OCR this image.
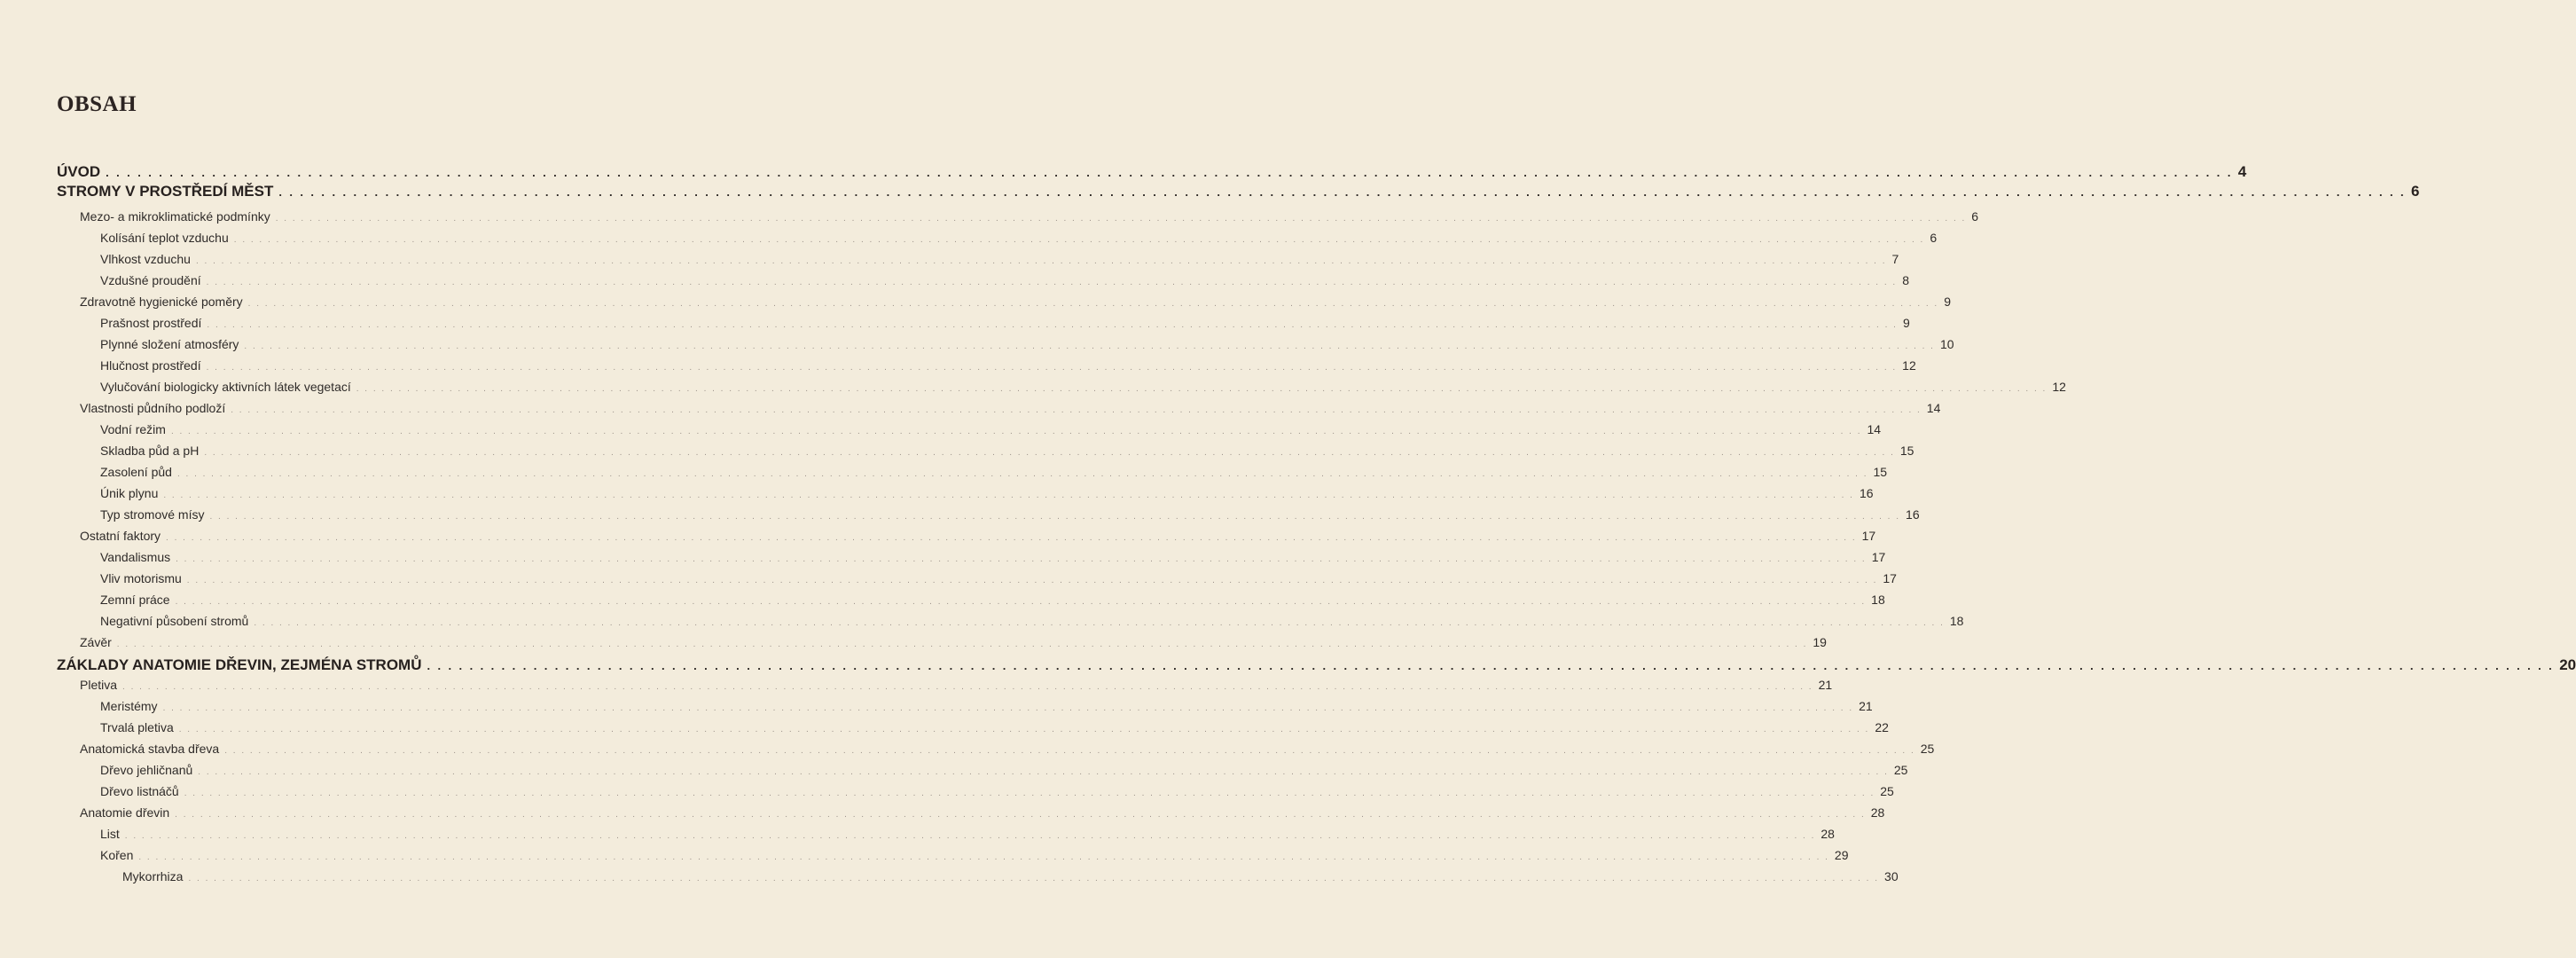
OBSAH
ÚVOD . . . . . . . . . . . . . . . . . . . . . . . . . . . . . . . . . . . . . . . . . . . . . . . . . . . . . . . . . . . . . . . . . . . . . . . . . . . . . . . . . . . . . . . . . . . . . . . . . . . . . . . . . . . . . . . . . . . . . . . . . . . . . . . . . . . . . . . . . . . . . . . . . . . . . . . . . . . . . . . . . . . . . . . . . . . . . . . . . . . . . . . . . . . . . . . . . . . . . . . . 4
STROMY V PROSTŘEDÍ MĚST . . . . . . . . . . . . . . . . . . . . . . . . . . . . . . . . . . . . . . . . . . . . . . . . . . . . . . . . . . . . . . . . . . . . . . . . . . . . . . . . . . . . . . . . . . . . . . . . . . . . . . . . . . . . . . . . . . . . . . . . . . . . . . . . . . . . . . . . . . . . . . . . . . . . . . . . . . . . . . . . . . . . . . . . . . . . . . . . . . . . . . . . . . . . . . . . . . . . . . . . 6
Mezo- a mikroklimatické podmínky . . . . . . . . . . . . . . . . . . . . . . . . . . . . . . . . . . . . . . . . . . . . . . . . . . . . . . . . . . . . . . . . . . . . . . . . . . . . . . . . . . . . . . . . . . . . . . . . . . . . . . . . . . . . . . . . . . . . . . . . . . . . . . . . . . . . . . . . . . . . . . . . . . . . . . . . . . . . . . . . . . . . . . . . . . . . . . . . . . . . . . . . . . . . . . . . . . . . . . . . 6
Kolísání teplot vzduchu . . . . . . . . . . . . . . . . . . . . . . . . . . . . . . . . . . . . . . . . . . . . . . . . . . . . . . . . . . . . . . . . . . . . . . . . . . . . . . . . . . . . . . . . . . . . . . . . . . . . . . . . . . . . . . . . . . . . . . . . . . . . . . . . . . . . . . . . . . . . . . . . . . . . . . . . . . . . . . . . . . . . . . . . . . . . . . . . . . . . . . . . . . . . . . . . . . . . . . . . 6
Vlhkost vzduchu . . . . . . . . . . . . . . . . . . . . . . . . . . . . . . . . . . . . . . . . . . . . . . . . . . . . . . . . . . . . . . . . . . . . . . . . . . . . . . . . . . . . . . . . . . . . . . . . . . . . . . . . . . . . . . . . . . . . . . . . . . . . . . . . . . . . . . . . . . . . . . . . . . . . . . . . . . . . . . . . . . . . . . . . . . . . . . . . . . . . . . . . . . . . . . . . . . . . . . . . 7
Vzdušné proudění . . . . . . . . . . . . . . . . . . . . . . . . . . . . . . . . . . . . . . . . . . . . . . . . . . . . . . . . . . . . . . . . . . . . . . . . . . . . . . . . . . . . . . . . . . . . . . . . . . . . . . . . . . . . . . . . . . . . . . . . . . . . . . . . . . . . . . . . . . . . . . . . . . . . . . . . . . . . . . . . . . . . . . . . . . . . . . . . . . . . . . . . . . . . . . . . . . . . . . . . 8
Zdravotně hygienické poměry . . . . . . . . . . . . . . . . . . . . . . . . . . . . . . . . . . . . . . . . . . . . . . . . . . . . . . . . . . . . . . . . . . . . . . . . . . . . . . . . . . . . . . . . . . . . . . . . . . . . . . . . . . . . . . . . . . . . . . . . . . . . . . . . . . . . . . . . . . . . . . . . . . . . . . . . . . . . . . . . . . . . . . . . . . . . . . . . . . . . . . . . . . . . . . . . . . . . . . . . 9
Prašnost prostředí . . . . . . . . . . . . . . . . . . . . . . . . . . . . . . . . . . . . . . . . . . . . . . . . . . . . . . . . . . . . . . . . . . . . . . . . . . . . . . . . . . . . . . . . . . . . . . . . . . . . . . . . . . . . . . . . . . . . . . . . . . . . . . . . . . . . . . . . . . . . . . . . . . . . . . . . . . . . . . . . . . . . . . . . . . . . . . . . . . . . . . . . . . . . . . . . . . . . . . . . 9
Plynné složení atmosféry . . . . . . . . . . . . . . . . . . . . . . . . . . . . . . . . . . . . . . . . . . . . . . . . . . . . . . . . . . . . . . . . . . . . . . . . . . . . . . . . . . . . . . . . . . . . . . . . . . . . . . . . . . . . . . . . . . . . . . . . . . . . . . . . . . . . . . . . . . . . . . . . . . . . . . . . . . . . . . . . . . . . . . . . . . . . . . . . . . . . . . . . . . . . . . . . . . . . . . . . 10
Hlučnost prostředí . . . . . . . . . . . . . . . . . . . . . . . . . . . . . . . . . . . . . . . . . . . . . . . . . . . . . . . . . . . . . . . . . . . . . . . . . . . . . . . . . . . . . . . . . . . . . . . . . . . . . . . . . . . . . . . . . . . . . . . . . . . . . . . . . . . . . . . . . . . . . . . . . . . . . . . . . . . . . . . . . . . . . . . . . . . . . . . . . . . . . . . . . . . . . . . . . . . . . . . . 12
Vylučování biologicky aktivních látek vegetací . . . . . . . . . . . . . . . . . . . . . . . . . . . . . . . . . . . . . . . . . . . . . . . . . . . . . . . . . . . . . . . . . . . . . . . . . . . . . . . . . . . . . . . . . . . . . . . . . . . . . . . . . . . . . . . . . . . . . . . . . . . . . . . . . . . . . . . . . . . . . . . . . . . . . . . . . . . . . . . . . . . . . . . . . . . . . . . . . . . . . . . . . . . . . . . . . . . . . . . . 12
Vlastnosti půdního podloží . . . . . . . . . . . . . . . . . . . . . . . . . . . . . . . . . . . . . . . . . . . . . . . . . . . . . . . . . . . . . . . . . . . . . . . . . . . . . . . . . . . . . . . . . . . . . . . . . . . . . . . . . . . . . . . . . . . . . . . . . . . . . . . . . . . . . . . . . . . . . . . . . . . . . . . . . . . . . . . . . . . . . . . . . . . . . . . . . . . . . . . . . . . . . . . . . . . . . . . . 14
Vodní režim . . . . . . . . . . . . . . . . . . . . . . . . . . . . . . . . . . . . . . . . . . . . . . . . . . . . . . . . . . . . . . . . . . . . . . . . . . . . . . . . . . . . . . . . . . . . . . . . . . . . . . . . . . . . . . . . . . . . . . . . . . . . . . . . . . . . . . . . . . . . . . . . . . . . . . . . . . . . . . . . . . . . . . . . . . . . . . . . . . . . . . . . . . . . . . . . . . . . . . . . 14
Skladba půd a pH . . . . . . . . . . . . . . . . . . . . . . . . . . . . . . . . . . . . . . . . . . . . . . . . . . . . . . . . . . . . . . . . . . . . . . . . . . . . . . . . . . . . . . . . . . . . . . . . . . . . . . . . . . . . . . . . . . . . . . . . . . . . . . . . . . . . . . . . . . . . . . . . . . . . . . . . . . . . . . . . . . . . . . . . . . . . . . . . . . . . . . . . . . . . . . . . . . . . . . . . 15
Zasolení půd . . . . . . . . . . . . . . . . . . . . . . . . . . . . . . . . . . . . . . . . . . . . . . . . . . . . . . . . . . . . . . . . . . . . . . . . . . . . . . . . . . . . . . . . . . . . . . . . . . . . . . . . . . . . . . . . . . . . . . . . . . . . . . . . . . . . . . . . . . . . . . . . . . . . . . . . . . . . . . . . . . . . . . . . . . . . . . . . . . . . . . . . . . . . . . . . . . . . . . . . 15
Únik plynu . . . . . . . . . . . . . . . . . . . . . . . . . . . . . . . . . . . . . . . . . . . . . . . . . . . . . . . . . . . . . . . . . . . . . . . . . . . . . . . . . . . . . . . . . . . . . . . . . . . . . . . . . . . . . . . . . . . . . . . . . . . . . . . . . . . . . . . . . . . . . . . . . . . . . . . . . . . . . . . . . . . . . . . . . . . . . . . . . . . . . . . . . . . . . . . . . . . . . . . . 16
Typ stromové mísy . . . . . . . . . . . . . . . . . . . . . . . . . . . . . . . . . . . . . . . . . . . . . . . . . . . . . . . . . . . . . . . . . . . . . . . . . . . . . . . . . . . . . . . . . . . . . . . . . . . . . . . . . . . . . . . . . . . . . . . . . . . . . . . . . . . . . . . . . . . . . . . . . . . . . . . . . . . . . . . . . . . . . . . . . . . . . . . . . . . . . . . . . . . . . . . . . . . . . . . . 16
Ostatní faktory . . . . . . . . . . . . . . . . . . . . . . . . . . . . . . . . . . . . . . . . . . . . . . . . . . . . . . . . . . . . . . . . . . . . . . . . . . . . . . . . . . . . . . . . . . . . . . . . . . . . . . . . . . . . . . . . . . . . . . . . . . . . . . . . . . . . . . . . . . . . . . . . . . . . . . . . . . . . . . . . . . . . . . . . . . . . . . . . . . . . . . . . . . . . . . . . . . . . . . . . 17
Vandalismus . . . . . . . . . . . . . . . . . . . . . . . . . . . . . . . . . . . . . . . . . . . . . . . . . . . . . . . . . . . . . . . . . . . . . . . . . . . . . . . . . . . . . . . . . . . . . . . . . . . . . . . . . . . . . . . . . . . . . . . . . . . . . . . . . . . . . . . . . . . . . . . . . . . . . . . . . . . . . . . . . . . . . . . . . . . . . . . . . . . . . . . . . . . . . . . . . . . . . . . . 17
Vliv motorismu . . . . . . . . . . . . . . . . . . . . . . . . . . . . . . . . . . . . . . . . . . . . . . . . . . . . . . . . . . . . . . . . . . . . . . . . . . . . . . . . . . . . . . . . . . . . . . . . . . . . . . . . . . . . . . . . . . . . . . . . . . . . . . . . . . . . . . . . . . . . . . . . . . . . . . . . . . . . . . . . . . . . . . . . . . . . . . . . . . . . . . . . . . . . . . . . . . . . . . . . 17
Zemní práce . . . . . . . . . . . . . . . . . . . . . . . . . . . . . . . . . . . . . . . . . . . . . . . . . . . . . . . . . . . . . . . . . . . . . . . . . . . . . . . . . . . . . . . . . . . . . . . . . . . . . . . . . . . . . . . . . . . . . . . . . . . . . . . . . . . . . . . . . . . . . . . . . . . . . . . . . . . . . . . . . . . . . . . . . . . . . . . . . . . . . . . . . . . . . . . . . . . . . . . . 18
Negativní působení stromů . . . . . . . . . . . . . . . . . . . . . . . . . . . . . . . . . . . . . . . . . . . . . . . . . . . . . . . . . . . . . . . . . . . . . . . . . . . . . . . . . . . . . . . . . . . . . . . . . . . . . . . . . . . . . . . . . . . . . . . . . . . . . . . . . . . . . . . . . . . . . . . . . . . . . . . . . . . . . . . . . . . . . . . . . . . . . . . . . . . . . . . . . . . . . . . . . . . . . . . . 18
Závěr . . . . . . . . . . . . . . . . . . . . . . . . . . . . . . . . . . . . . . . . . . . . . . . . . . . . . . . . . . . . . . . . . . . . . . . . . . . . . . . . . . . . . . . . . . . . . . . . . . . . . . . . . . . . . . . . . . . . . . . . . . . . . . . . . . . . . . . . . . . . . . . . . . . . . . . . . . . . . . . . . . . . . . . . . . . . . . . . . . . . . . . . . . . . . . . . . . . . . . . . 19
ZÁKLADY ANATOMIE DŘEVIN, ZEJMÉNA STROMŮ . . . . . . . . . . . . . . . . . . . . . . . . . . . . . . . . . . . . . . . . . . . . . . . . . . . . . . . . . . . . . . . . . . . . . . . . . . . . . . . . . . . . . . . . . . . . . . . . . . . . . . . . . . . . . . . . . . . . . . . . . . . . . . . . . . . . . . . . . . . . . . . . . . . . . . . . . . . . . . . . . . . . . . . . . . . . . . . . . . . . . . . . . . . . . . . . . . . . . . . . 20
Pletiva . . . . . . . . . . . . . . . . . . . . . . . . . . . . . . . . . . . . . . . . . . . . . . . . . . . . . . . . . . . . . . . . . . . . . . . . . . . . . . . . . . . . . . . . . . . . . . . . . . . . . . . . . . . . . . . . . . . . . . . . . . . . . . . . . . . . . . . . . . . . . . . . . . . . . . . . . . . . . . . . . . . . . . . . . . . . . . . . . . . . . . . . . . . . . . . . . . . . . . . . 21
Meristémy . . . . . . . . . . . . . . . . . . . . . . . . . . . . . . . . . . . . . . . . . . . . . . . . . . . . . . . . . . . . . . . . . . . . . . . . . . . . . . . . . . . . . . . . . . . . . . . . . . . . . . . . . . . . . . . . . . . . . . . . . . . . . . . . . . . . . . . . . . . . . . . . . . . . . . . . . . . . . . . . . . . . . . . . . . . . . . . . . . . . . . . . . . . . . . . . . . . . . . . . 21
Trvalá pletiva . . . . . . . . . . . . . . . . . . . . . . . . . . . . . . . . . . . . . . . . . . . . . . . . . . . . . . . . . . . . . . . . . . . . . . . . . . . . . . . . . . . . . . . . . . . . . . . . . . . . . . . . . . . . . . . . . . . . . . . . . . . . . . . . . . . . . . . . . . . . . . . . . . . . . . . . . . . . . . . . . . . . . . . . . . . . . . . . . . . . . . . . . . . . . . . . . . . . . . . . 22
Anatomická stavba dřeva . . . . . . . . . . . . . . . . . . . . . . . . . . . . . . . . . . . . . . . . . . . . . . . . . . . . . . . . . . . . . . . . . . . . . . . . . . . . . . . . . . . . . . . . . . . . . . . . . . . . . . . . . . . . . . . . . . . . . . . . . . . . . . . . . . . . . . . . . . . . . . . . . . . . . . . . . . . . . . . . . . . . . . . . . . . . . . . . . . . . . . . . . . . . . . . . . . . . . . . . 25
Dřevo jehličnanů . . . . . . . . . . . . . . . . . . . . . . . . . . . . . . . . . . . . . . . . . . . . . . . . . . . . . . . . . . . . . . . . . . . . . . . . . . . . . . . . . . . . . . . . . . . . . . . . . . . . . . . . . . . . . . . . . . . . . . . . . . . . . . . . . . . . . . . . . . . . . . . . . . . . . . . . . . . . . . . . . . . . . . . . . . . . . . . . . . . . . . . . . . . . . . . . . . . . . . . . 25
Dřevo listnáčů . . . . . . . . . . . . . . . . . . . . . . . . . . . . . . . . . . . . . . . . . . . . . . . . . . . . . . . . . . . . . . . . . . . . . . . . . . . . . . . . . . . . . . . . . . . . . . . . . . . . . . . . . . . . . . . . . . . . . . . . . . . . . . . . . . . . . . . . . . . . . . . . . . . . . . . . . . . . . . . . . . . . . . . . . . . . . . . . . . . . . . . . . . . . . . . . . . . . . . . . 25
Anatomie dřevin . . . . . . . . . . . . . . . . . . . . . . . . . . . . . . . . . . . . . . . . . . . . . . . . . . . . . . . . . . . . . . . . . . . . . . . . . . . . . . . . . . . . . . . . . . . . . . . . . . . . . . . . . . . . . . . . . . . . . . . . . . . . . . . . . . . . . . . . . . . . . . . . . . . . . . . . . . . . . . . . . . . . . . . . . . . . . . . . . . . . . . . . . . . . . . . . . . . . . . . . 28
List . . . . . . . . . . . . . . . . . . . . . . . . . . . . . . . . . . . . . . . . . . . . . . . . . . . . . . . . . . . . . . . . . . . . . . . . . . . . . . . . . . . . . . . . . . . . . . . . . . . . . . . . . . . . . . . . . . . . . . . . . . . . . . . . . . . . . . . . . . . . . . . . . . . . . . . . . . . . . . . . . . . . . . . . . . . . . . . . . . . . . . . . . . . . . . . . . . . . . . . . 28
Kořen . . . . . . . . . . . . . . . . . . . . . . . . . . . . . . . . . . . . . . . . . . . . . . . . . . . . . . . . . . . . . . . . . . . . . . . . . . . . . . . . . . . . . . . . . . . . . . . . . . . . . . . . . . . . . . . . . . . . . . . . . . . . . . . . . . . . . . . . . . . . . . . . . . . . . . . . . . . . . . . . . . . . . . . . . . . . . . . . . . . . . . . . . . . . . . . . . . . . . . . . 29
Mykorrhiza . . . . . . . . . . . . . . . . . . . . . . . . . . . . . . . . . . . . . . . . . . . . . . . . . . . . . . . . . . . . . . . . . . . . . . . . . . . . . . . . . . . . . . . . . . . . . . . . . . . . . . . . . . . . . . . . . . . . . . . . . . . . . . . . . . . . . . . . . . . . . . . . . . . . . . . . . . . . . . . . . . . . . . . . . . . . . . . . . . . . . . . . . . . . . . . . . . . . . . . . 30
